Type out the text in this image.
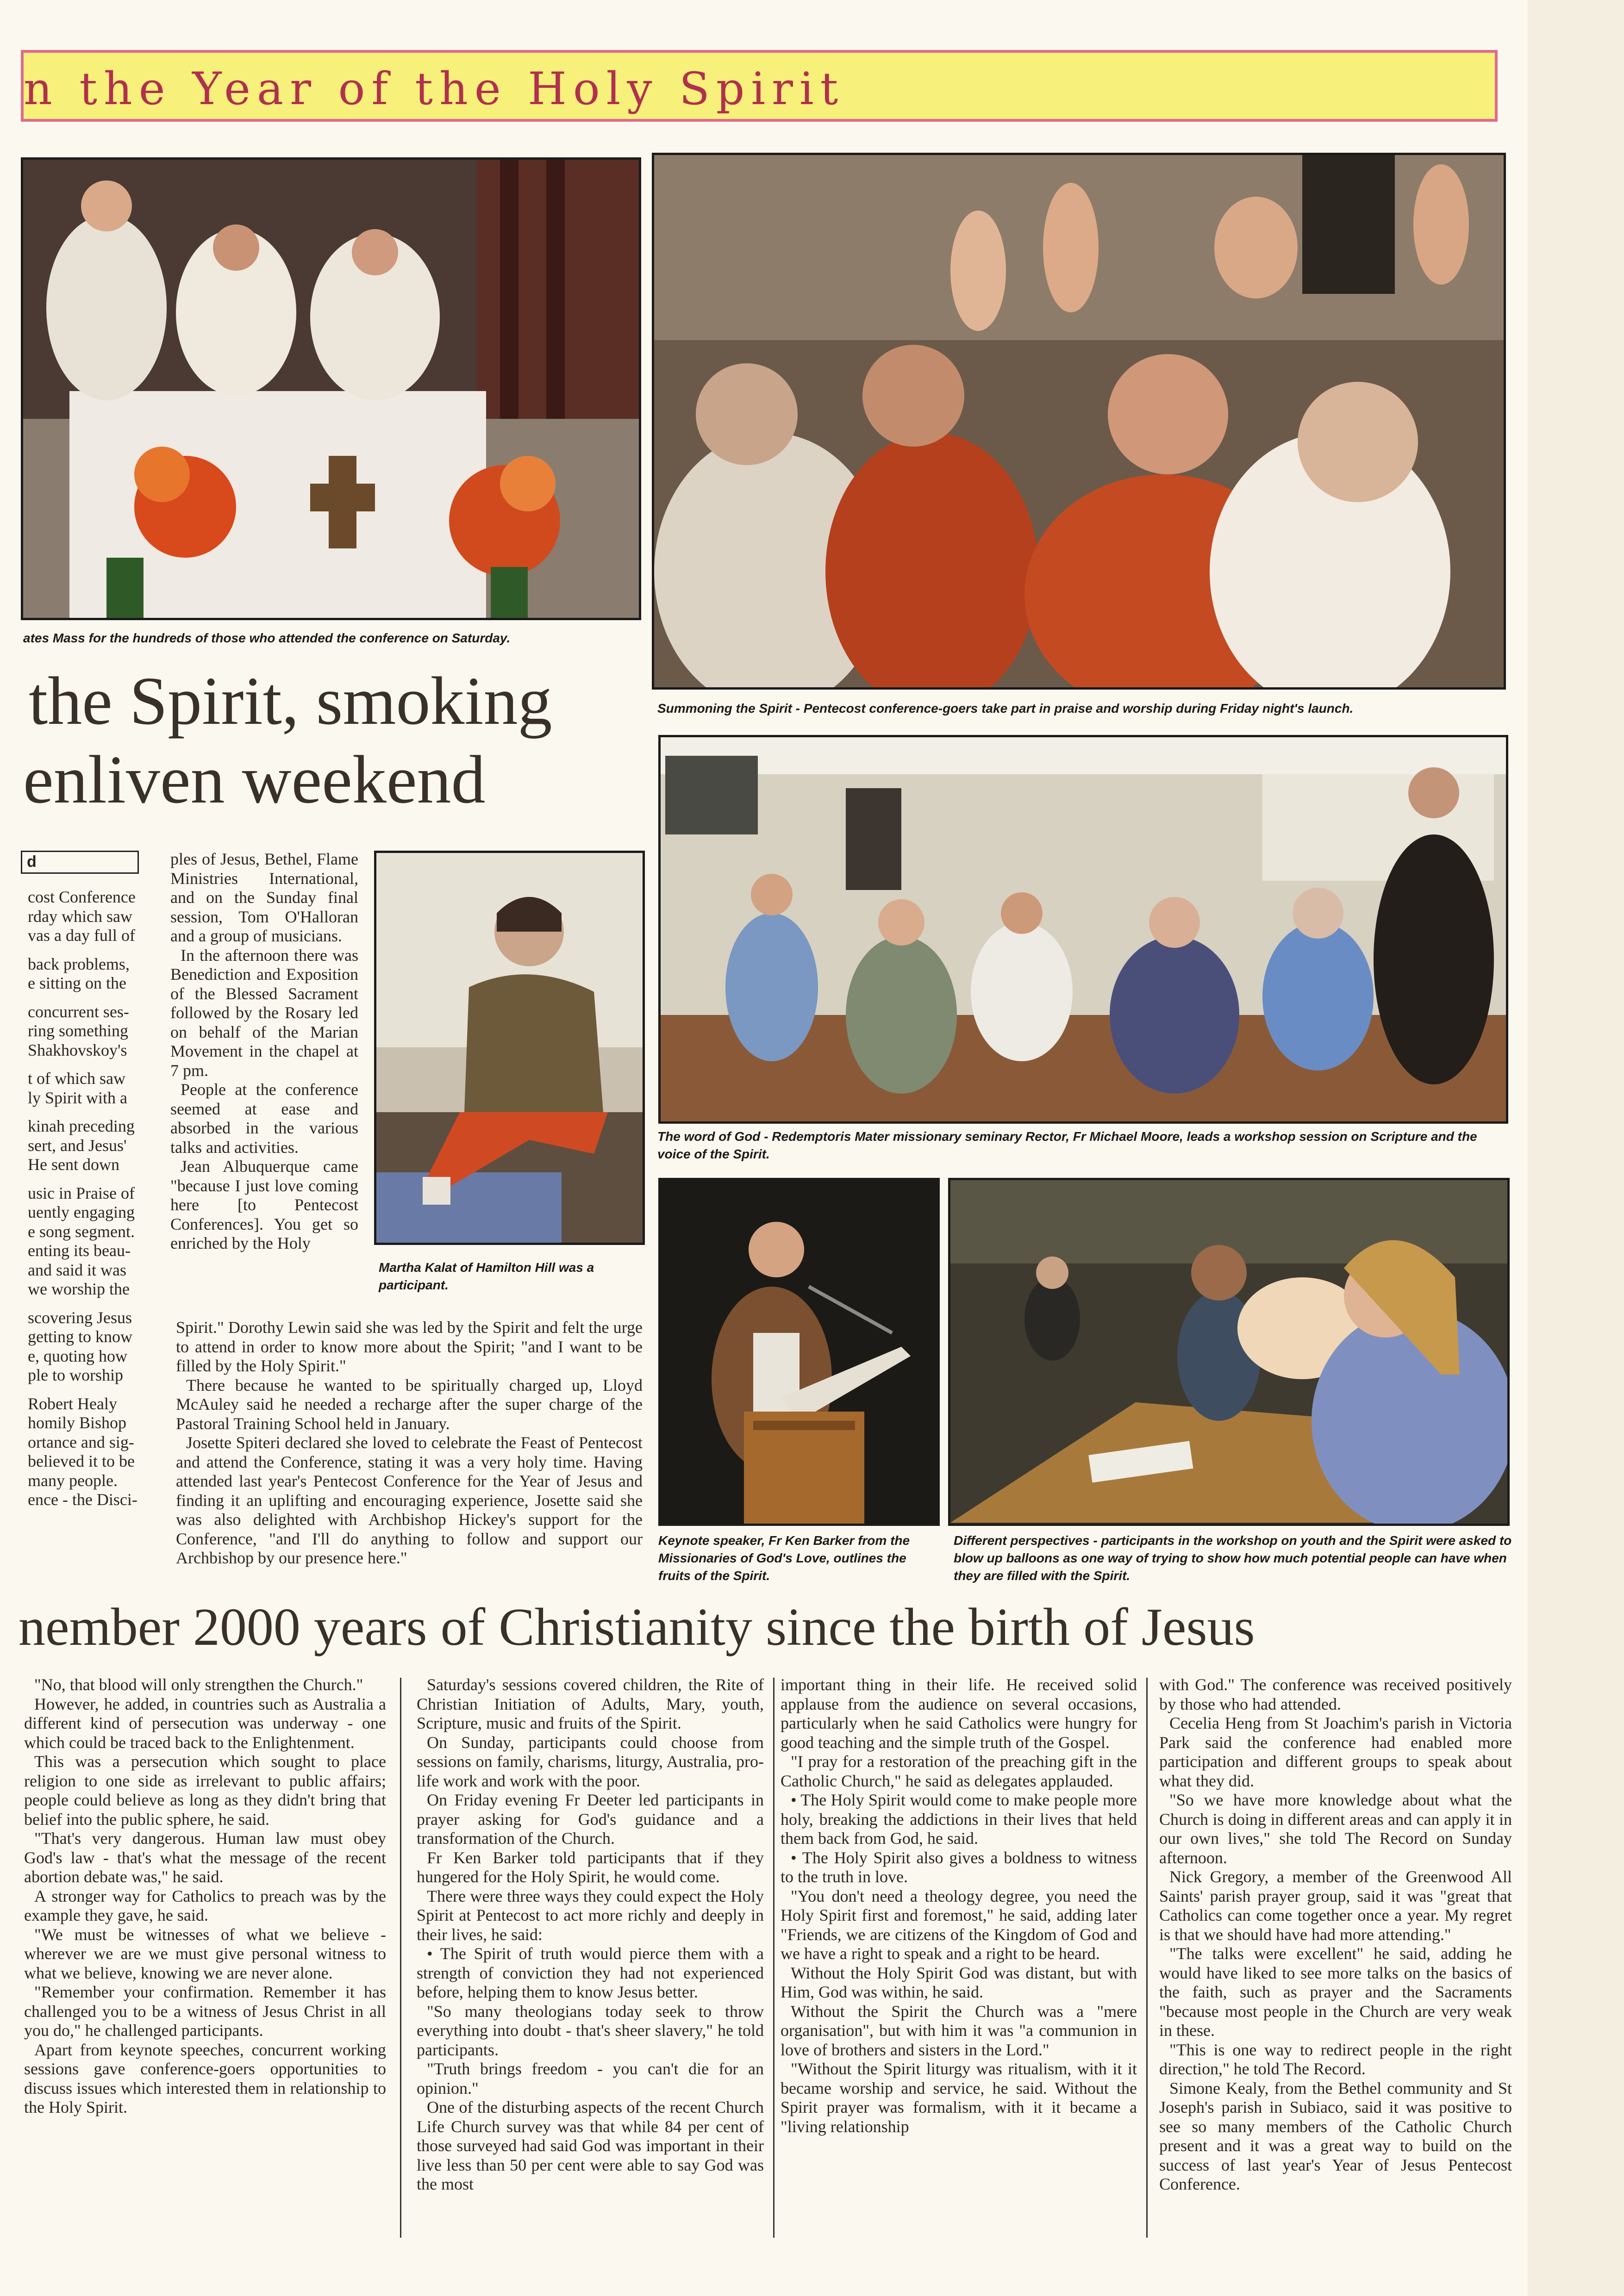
n the Year of the Holy Spirit
ates Mass for the hundreds of those who attended the conference on Saturday.
Summoning the Spirit - Pentecost conference-goers take part in praise and worship during Friday night's launch.
the Spirit, smoking
enliven weekend
d
cost Conference
rday which saw
vas a day full of
back problems,
e sitting on the
concurrent ses-
ring something
Shakhovskoy's
t of which saw
ly Spirit with a
kinah preceding
sert, and Jesus'
He sent down
usic in Praise of
uently engaging
e song segment.
enting its beau-
and said it was
we worship the
scovering Jesus
getting to know
e, quoting how
ple to worship
Robert Healy
homily Bishop
ortance and sig-
believed it to be
many people.
ence - the Disci-

ples of Jesus, Bethel, Flame Ministries International, and on the Sunday final session, Tom O'Halloran and a group of musicians.

In the afternoon there was Benediction and Exposition of the Blessed Sacrament followed by the Rosary led on behalf of the Marian Movement in the chapel at 7 pm.

People at the conference seemed at ease and absorbed in the various talks and activities.

Jean Albuquerque came "because I just love coming here [to Pentecost Conferences]. You get so enriched by the Holy

Martha Kalat of Hamilton Hill was a participant.

Spirit." Dorothy Lewin said she was led by the Spirit and felt the urge to attend in order to know more about the Spirit; "and I want to be filled by the Holy Spirit."

There because he wanted to be spiritually charged up, Lloyd McAuley said he needed a recharge after the super charge of the Pastoral Training School held in January.

Josette Spiteri declared she loved to celebrate the Feast of Pentecost and attend the Conference, stating it was a very holy time. Having attended last year's Pentecost Conference for the Year of Jesus and finding it an uplifting and encouraging experience, Josette said she was also delighted with Archbishop Hickey's support for the Conference, "and I'll do anything to follow and support our Archbishop by our presence here."

The word of God - Redemptoris Mater missionary seminary Rector, Fr Michael Moore, leads a workshop session on Scripture and the voice of the Spirit.
Keynote speaker, Fr Ken Barker from the Missionaries of God's Love, outlines the fruits of the Spirit.
Different perspectives - participants in the workshop on youth and the Spirit were asked to blow up balloons as one way of trying to show how much potential people can have when they are filled with the Spirit.
nember 2000 years of Christianity since the birth of Jesus

"No, that blood will only strengthen the Church."

However, he added, in countries such as Australia a different kind of persecution was underway - one which could be traced back to the Enlightenment.

This was a persecution which sought to place religion to one side as irrelevant to public affairs; people could believe as long as they didn't bring that belief into the public sphere, he said.

"That's very dangerous. Human law must obey God's law - that's what the message of the recent abortion debate was," he said.

A stronger way for Catholics to preach was by the example they gave, he said.

"We must be witnesses of what we believe - wherever we are we must give personal witness to what we believe, knowing we are never alone.

"Remember your confirmation. Remember it has challenged you to be a witness of Jesus Christ in all you do," he challenged participants.

Apart from keynote speeches, concurrent working sessions gave conference-goers opportunities to discuss issues which interested them in relationship to the Holy Spirit.

Saturday's sessions covered children, the Rite of Christian Initiation of Adults, Mary, youth, Scripture, music and fruits of the Spirit.

On Sunday, participants could choose from sessions on family, charisms, liturgy, Australia, pro-life work and work with the poor.

On Friday evening Fr Deeter led participants in prayer asking for God's guidance and a transformation of the Church.

Fr Ken Barker told participants that if they hungered for the Holy Spirit, he would come.

There were three ways they could expect the Holy Spirit at Pentecost to act more richly and deeply in their lives, he said:

• The Spirit of truth would pierce them with a strength of conviction they had not experienced before, helping them to know Jesus better.

"So many theologians today seek to throw everything into doubt - that's sheer slavery," he told participants.

"Truth brings freedom - you can't die for an opinion."

One of the disturbing aspects of the recent Church Life Church survey was that while 84 per cent of those surveyed had said God was important in their live less than 50 per cent were able to say God was the most

important thing in their life. He received solid applause from the audience on several occasions, particularly when he said Catholics were hungry for good teaching and the simple truth of the Gospel.

"I pray for a restoration of the preaching gift in the Catholic Church," he said as delegates applauded.

• The Holy Spirit would come to make people more holy, breaking the addictions in their lives that held them back from God, he said.

• The Holy Spirit also gives a boldness to witness to the truth in love.

"You don't need a theology degree, you need the Holy Spirit first and foremost," he said, adding later "Friends, we are citizens of the Kingdom of God and we have a right to speak and a right to be heard.

Without the Holy Spirit God was distant, but with Him, God was within, he said.

Without the Spirit the Church was a "mere organisation", but with him it was "a communion in love of brothers and sisters in the Lord."

"Without the Spirit liturgy was ritualism, with it it became worship and service, he said. Without the Spirit prayer was formalism, with it it became a "living relationship

with God." The conference was received positively by those who had attended.

Cecelia Heng from St Joachim's parish in Victoria Park said the conference had enabled more participation and different groups to speak about what they did.

"So we have more knowledge about what the Church is doing in different areas and can apply it in our own lives," she told The Record on Sunday afternoon.

Nick Gregory, a member of the Greenwood All Saints' parish prayer group, said it was "great that Catholics can come together once a year. My regret is that we should have had more attending."

"The talks were excellent" he said, adding he would have liked to see more talks on the basics of the faith, such as prayer and the Sacraments "because most people in the Church are very weak in these.

"This is one way to redirect people in the right direction," he told The Record.

Simone Kealy, from the Bethel community and St Joseph's parish in Subiaco, said it was positive to see so many members of the Catholic Church present and it was a great way to build on the success of last year's Year of Jesus Pentecost Conference.
